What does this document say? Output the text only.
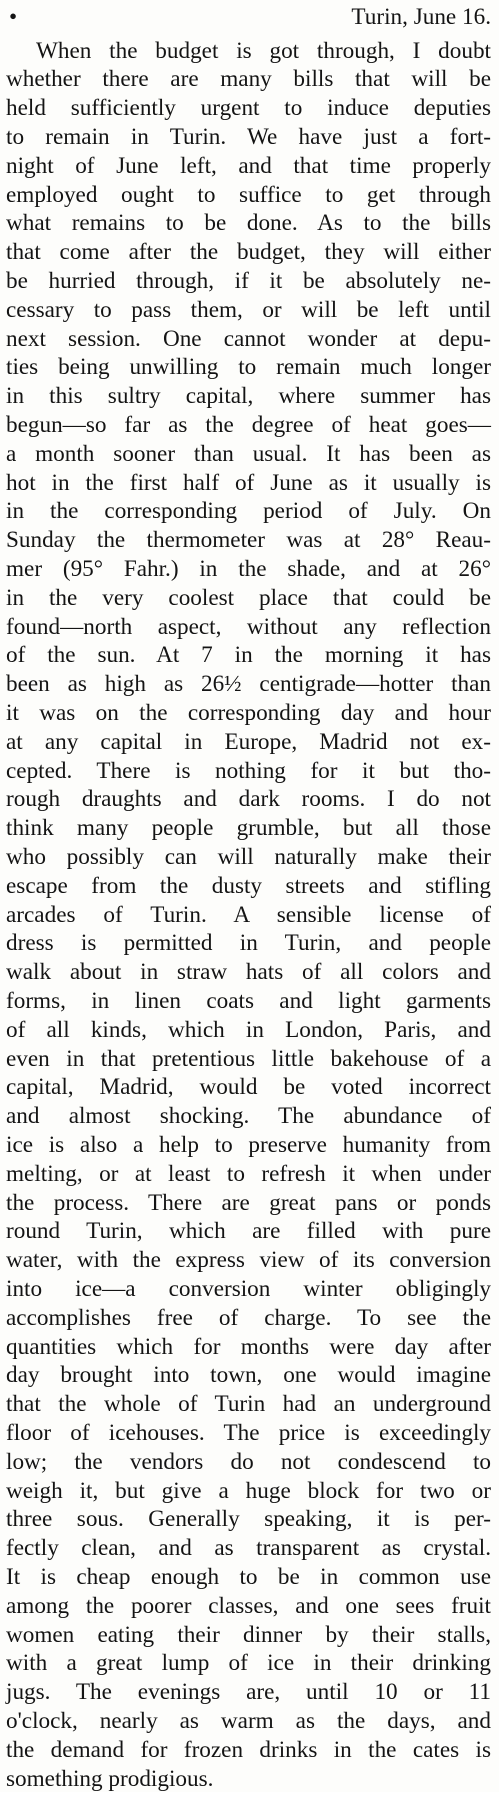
•	Turin, June 16.
When the budget is got through, I doubt
whether there are many bills that will be
held sufficiently urgent to induce deputies
to remain in Turin. We have just a fort-
night of June left, and that time properly
employed ought to suffice to get through
what remains to be done. As to the bills
that come after the budget, they will either
be hurried through, if it be absolutely ne-
cessary to pass them, or will be left until
next session. One cannot wonder at depu-
ties being unwilling to remain much longer
in this sultry capital, where summer has
begun—so far as the degree of heat goes—
a month sooner than usual. It has been as
hot in the first half of June as it usually is
in the corresponding period of July. On
Sunday the thermometer was at 28° Reau-
mer (95° Fahr.) in the shade, and at 26°
in the very coolest place that could be
found—north aspect, without any reflection
of the sun. At 7 in the morning it has
been as high as 26½ centigrade—hotter than
it was on the corresponding day and hour
at any capital in Europe, Madrid not ex-
cepted. There is nothing for it but tho-
rough draughts and dark rooms. I do not
think many people grumble, but all those
who possibly can will naturally make their
escape from the dusty streets and stifling
arcades of Turin. A sensible license of
dress is permitted in Turin, and people
walk about in straw hats of all colors and
forms, in linen coats and light garments
of all kinds, which in London, Paris, and
even in that pretentious little bakehouse of a
capital, Madrid, would be voted incorrect
and almost shocking. The abundance of
ice is also a help to preserve humanity from
melting, or at least to refresh it when under
the process. There are great pans or ponds
round Turin, which are filled with pure
water, with the express view of its conversion
into ice—a conversion winter obligingly
accomplishes free of charge. To see the
quantities which for months were day after
day brought into town, one would imagine
that the whole of Turin had an underground
floor of icehouses. The price is exceedingly
low; the vendors do not condescend to
weigh it, but give a huge block for two or
three sous. Generally speaking, it is per-
fectly clean, and as transparent as crystal.
It is cheap enough to be in common use
among the poorer classes, and one sees fruit
women eating their dinner by their stalls,
with a great lump of ice in their drinking
jugs. The evenings are, until 10 or 11
o'clock, nearly as warm as the days, and
the demand for frozen drinks in the cates is
something prodigious.
